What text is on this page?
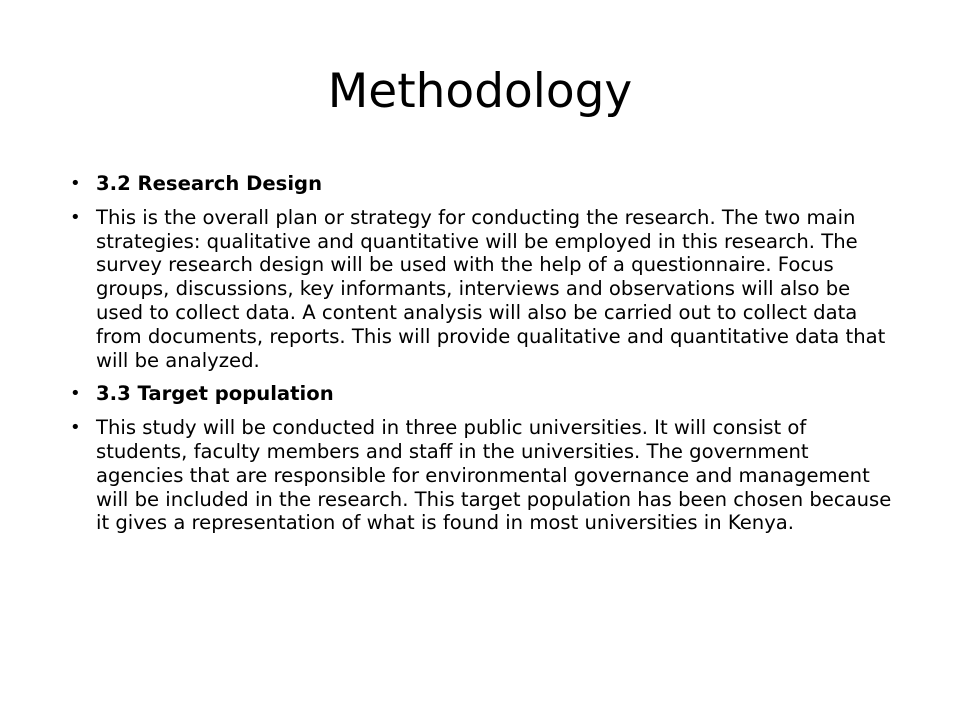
Methodology
• 3.2 Research Design
• This is the overall plan or strategy for conducting the research. The two main strategies: qualitative and quantitative will be employed in this research. The survey research design will be used with the help of a questionnaire. Focus groups, discussions, key informants, interviews and observations will also be used to collect data. A content analysis will also be carried out to collect data from documents, reports. This will provide qualitative and quantitative data that will be analyzed.
• 3.3 Target population
• This study will be conducted in three public universities. It will consist of students, faculty members and staff in the universities. The government agencies that are responsible for environmental governance and management will be included in the research. This target population has been chosen because it gives a representation of what is found in most universities in Kenya.
